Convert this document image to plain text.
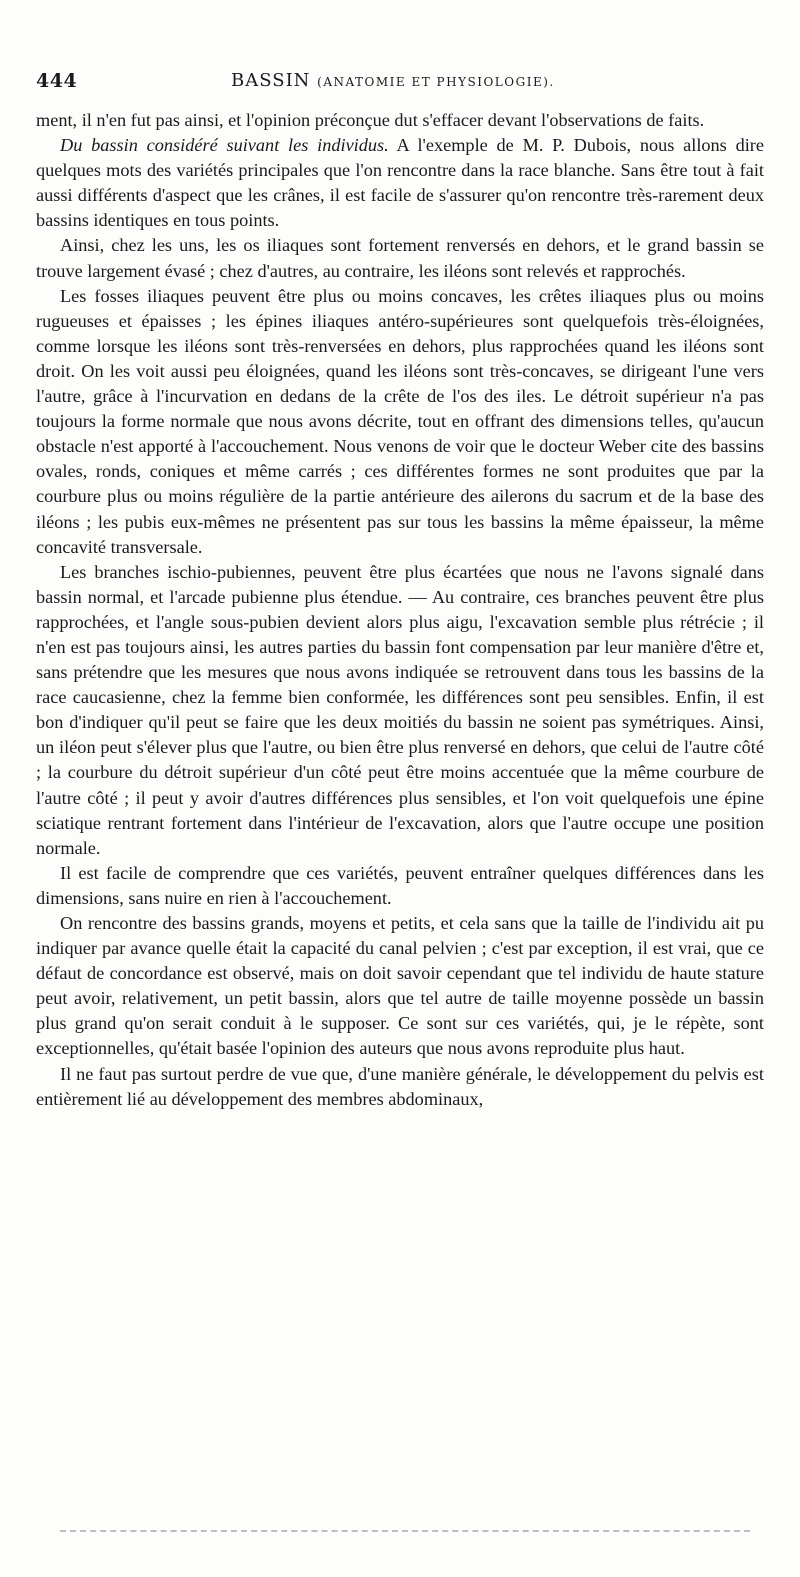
444	BASSIN (ANATOMIE ET PHYSIOLOGIE).

ment, il n'en fut pas ainsi, et l'opinion préconçue dut s'effacer devant l'observations de faits.

Du bassin considéré suivant les individus. A l'exemple de M. P. Dubois, nous allons dire quelques mots des variétés principales que l'on rencontre dans la race blanche. Sans être tout à fait aussi différents d'aspect que les crânes, il est facile de s'assurer qu'on rencontre très-rarement deux bassins identiques en tous points.

Ainsi, chez les uns, les os iliaques sont fortement renversés en dehors, et le grand bassin se trouve largement évasé ; chez d'autres, au contraire, les iléons sont relevés et rapprochés.

Les fosses iliaques peuvent être plus ou moins concaves, les crêtes iliaques plus ou moins rugueuses et épaisses ; les épines iliaques antéro-supérieures sont quelquefois très-éloignées, comme lorsque les iléons sont très-renversées en dehors, plus rapprochées quand les iléons sont droit. On les voit aussi peu éloignées, quand les iléons sont très-concaves, se dirigeant l'une vers l'autre, grâce à l'incurvation en dedans de la crête de l'os des iles. Le détroit supérieur n'a pas toujours la forme normale que nous avons décrite, tout en offrant des dimensions telles, qu'aucun obstacle n'est apporté à l'accouchement. Nous venons de voir que le docteur Weber cite des bassins ovales, ronds, coniques et même carrés ; ces différentes formes ne sont produites que par la courbure plus ou moins régulière de la partie antérieure des ailerons du sacrum et de la base des iléons ; les pubis eux-mêmes ne présentent pas sur tous les bassins la même épaisseur, la même concavité transversale.

Les branches ischio-pubiennes, peuvent être plus écartées que nous ne l'avons signalé dans bassin normal, et l'arcade pubienne plus étendue. — Au contraire, ces branches peuvent être plus rapprochées, et l'angle sous-pubien devient alors plus aigu, l'excavation semble plus rétrécie ; il n'en est pas toujours ainsi, les autres parties du bassin font compensation par leur manière d'être et, sans prétendre que les mesures que nous avons indiquée se retrouvent dans tous les bassins de la race caucasienne, chez la femme bien conformée, les différences sont peu sensibles. Enfin, il est bon d'indiquer qu'il peut se faire que les deux moitiés du bassin ne soient pas symétriques. Ainsi, un iléon peut s'élever plus que l'autre, ou bien être plus renversé en dehors, que celui de l'autre côté ; la courbure du détroit supérieur d'un côté peut être moins accentuée que la même courbure de l'autre côté ; il peut y avoir d'autres différences plus sensibles, et l'on voit quelquefois une épine sciatique rentrant fortement dans l'intérieur de l'excavation, alors que l'autre occupe une position normale.

Il est facile de comprendre que ces variétés, peuvent entraîner quelques différences dans les dimensions, sans nuire en rien à l'accouchement.

On rencontre des bassins grands, moyens et petits, et cela sans que la taille de l'individu ait pu indiquer par avance quelle était la capacité du canal pelvien ; c'est par exception, il est vrai, que ce défaut de concordance est observé, mais on doit savoir cependant que tel individu de haute stature peut avoir, relativement, un petit bassin, alors que tel autre de taille moyenne possède un bassin plus grand qu'on serait conduit à le supposer. Ce sont sur ces variétés, qui, je le répète, sont exceptionnelles, qu'était basée l'opinion des auteurs que nous avons reproduite plus haut.

Il ne faut pas surtout perdre de vue que, d'une manière générale, le développement du pelvis est entièrement lié au développement des membres abdominaux,
